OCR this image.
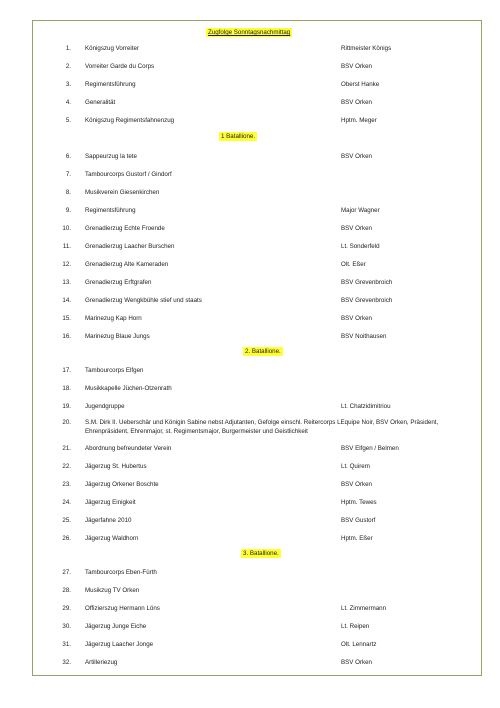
Zugfolge Sonntagsnachmittag
1. Königszug Vorreiter	Rittmeister Königs
2. Vorreiter Garde du Corps	BSV Orken
3. Regimentsführung	Oberst Hanke
4. Generalität	BSV Orken
5. Königszug Regimentsfahnenzug	Hptm. Meger
1 Batallione.
6. Sappeurzug la tete	BSV Orken
7. Tambourcorps Gustorf / Gindorf
8. Musikverein Giesenkirchen
9. Regimentsführung	Major Wagner
10. Grenadierzug Echte Froende	BSV Orken
11. Grenadierzug Laacher Burschen	Lt. Sonderfeld
12. Grenadierzug Alte Kameraden	Olt. Eßer
13. Grenadierzug Erftgrafen	BSV Grevenbroich
14. Grenadierzug Wengkbühle stief und staats	BSV Grevenbroich
15. Marinezug Kap Horn	BSV Orken
16. Marinezug Blaue Jungs	BSV Noithausen
2. Batallione.
17. Tambourcorps Elfgen
18. Musikkapelle Jüchen-Otzenrath
19. Jugendgruppe	Lt. Chatzidimitriou
20. S.M. Dirk II. Ueberschär und Königin Sabine nebst Adjutanten, Gefolge einschl. Reitercorps LEquipe Noir, BSV Orken, Präsident, Ehrenpräsident, Ehrenmajor, st. Regimentsmajor, Burgermeister und Geistlichkeit
21. Abordnung befreundeter Verein	BSV Elfgen / Belmen
22. Jägerzug St. Hubertus	Lt. Quirem
23. Jägerzug Orkener Boschte	BSV Orken
24. Jägerzug Einigkeit	Hptm. Tewes
25. Jägerfahne 2010	BSV Gustorf
26. Jägerzug Waldhorn	Hptm. Eßer
3. Batallione.
27. Tambourcorps Eben-Fürth
28. Musikzug TV Orken
29. Offizierszug Hermann Löns	Lt. Zimmermann
30. Jägerzug Junge Eiche	Lt. Reipen
31. Jägerzug Laacher Jonge	Olt. Lennartz
32. Artilleriezug	BSV Orken
